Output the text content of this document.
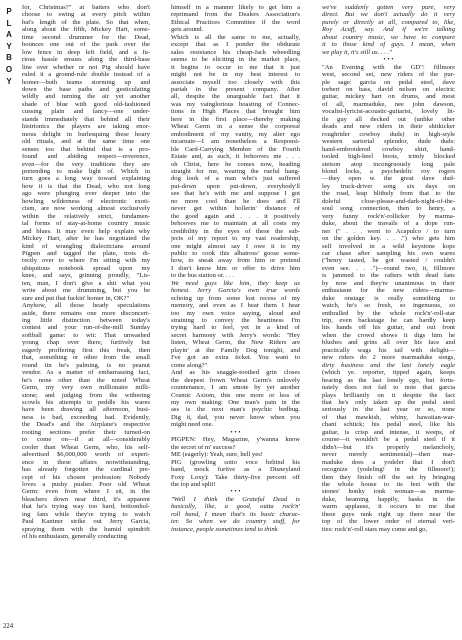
P
L
A
Y
B
O
Y
for, Christmas?" at batters who don't
choose to swing at every pitch within
bat's length of the plate. So that when,
along about the fifth, Mickey Hart, some-
time second drummer for the Dead,
bounces one out of the park over the
low fence in deep left field, and a fu-
rious hassle ensues along the third-base
line over whether or not Pig should have
ruled it a ground-rule double instead of a
homer—both teams storming up and
down the base paths and gesticulating
wildly and turning the air yet another
shade of blue with good old-fashioned
cussing plain and fancy—one under-
stands immediately that behind all their
histrionics the players are taking enor-
mous delight in burlesquing these hoary
old rituals, and at the same time one
senses too that behind that is a pro-
found and abiding respect—reverence,
even—for the very traditions they are
pretending to make light of. Which in
turn goes a long way toward explaining
how it is that the Dead, who not long
ago were plunging ever deeper into the
howling wilderness of electronic exoti-
cism, are now working almost exclusively
within the relatively strict, fundamen-
tal forms of stay-at-home country music
and blues. It may even help explain why
Mickey Hart, after he has negotiated the
kind of wrangling dialecticians around
Pigpen and tagged the plate, trots di-
rectly over to where I'm sitting with my
ubiquitous notebook spread upon my
knee, and says, grinning proudly, "Lis-
ten, man, I don't give a shit what you
write about me drumming, but you be
sure and put that fuckin' homer in, OK?"
Anyhow, all those heady speculations
aside, there remains one more disconcert-
ing little distinction between today's
contest and your run-of-the-mill Sunday
softball game: to wit: That unwashed
young chap over there, furtively but
eagerly proffering first this freak, then
that, something or other from the small
round tin he's palming, is no peanut
vendor. As a matter of embarrassing fact,
he's none other than the noted Wheat
Germ, my very own millionaire milli-
stone; and judging from the withering
scowls his attempts to peddle his wares
have been drawing all afternoon, busi-
ness is bad, exceeding bad. Evidently,
the Dead's and the Airplane's respective
rooting sections prefer their turned-on
to come on—if at all—considerably
cooler than Wheat Germ, who, his self-
advertised $6,000,000 worth of experi-
ence in these affairs notwithstanding,
has already forgotten the cardinal pre-
cept of his chosen profession: Nobody
loves a pushy pusher. Poor old Wheat
Germ: even from where I sit, in the
bleachers down near third, it's apparent
that he's trying way too hard, bottomhol-
ing fans while they're trying to watch
Paul Kantner strike out Jerry Garcia,
spraying them with the humid spindrift
of his enthusiasm, generally conducting
himself in a manner likely to get him a
reprimand from the Dealers Association's
Ethical Practices Committee if the word
gets around.
Which is all the same to me, actually,
except that as I ponder the obdurate
sales resistance his cheap-Jack wheedling
seems to be eliciting in the market place,
it begins to occur to me that it just
might not be in my best interest to
associate myself too closely with this
pariah in the present company. After
all, despite the unarguable fact that it
was my vainglorious boasting of Connec-
tions in High Places that brought him
here in the first place—thereby making
Wheat Germ in a sense the corporeal
embodiment of my vanity, my alter ego
incarnate—I am nonetheless a Responsi-
ble Card-Carrying Member of the Fourth
Estate and, as such, it behooves me . . .
oh Christ, here he comes now, heading
straight for me, wearing the rueful hang-
dog look of a man who's just suffered
put-down upon put-down, everybody'll
see that he's with me and suppose I got
no more cool than he does and I'll
never get within hollerin' distance of
the good again and . . . it positively
behooves me to maintain at all costs my
credibility in the eyes of these the sub-
jects of my report to my vast readership,
one might almost say I owe it to my
public to cook this albatross' goose some-
how, to sneak away from him or pretend
I don't know him or offer to drive him
to the bus station or. . . .
We need guys like him, they keep us
honest. Jerry Garcia's own true words
echoing up from some lost recess of my
memory, and even as I hear them I hear
too my own voice saying, aloud and
straining to convey the heartiness I'm
trying hard to feel, yet in a kind of
secret harmony with Jerry's words: "Hey
listen, Wheat Germ, the New Riders are
playin' at the Family Dog tonight, and
I've got an extra ticket. You want to
come along?"
And as his snaggle-toothed grin closes
the deepest frown Wheat Germ's unlovely
countenance, I am smote by yet another
Cosmic Axiom, this one more or less of
my own making: One man's pain in the
ass is the next man's psychic bedbug.
Dig it, dad, you never know when you
might need one.
• • •
PIGPEN: Hey, Magazine, y'wanna know
the secret of m' success?
ME (eagerly): Yeah, sure, hell yes!
PIG (growling sotto voce behind his
hand, mock furtive as a Disneyland
Foxy Loxy): Take thirty-five percent off
the top and split!
• • •
"Well I think the Grateful Dead is
basically, like, a good, outta rock'n'
roll band, I mean that's its basic charac-
ter. So when we do country stuff, for
instance, people sometimes tend to think
we've suddenly gotten very pure, very
direct. But we don't actually do it very
purely or directly at all, compared to, like,
Roy Acuff, say. And if we're talking
about country music, we have to compare
it to those kind of guys. I mean, when
we play it, it's still us. . . ."
• • •
"An Evening with the GD": fillmore
west, second set, new riders of the pur-
ple sage: garcia on pedal steel, dave
torbert on bass, david nelson on electric
guitar, mickey hart on drums, and most
of all, marmaduke, nee john dawson,
vocalist-lyricist-acoustic-guitarist, lovely lit-
tle guy all decked out (unlike other
deads and new riders in their shitkicker
roughrider cowboy duds) in high-style
western sartorial splendor, dude duds:
hand-embroidered cowboy shirt, hand-
tooled high-heel boots, trimly blocked
stetson atop incongruously long pale
blond locks, a psychedelic roy rogers
—they open w. the great dave dud-
ley truck-driver song six days on
the road, leap blithely from that to the
doleful close-please-and-dark-night-of-the-
soul song connection, then to henry, a
very funny rock'n'-rollicker by marma-
duke, about the travails of a dope run-
ner (" . . . went to Acapulco / to turn
on the golden key. . . .") who gets him
self involved in a wild keystone kops
car chase after sampling his own wares
("henry tasted, he got wasted / couldn't
even see. . . .")—round two, it, fillmore
is jammed to the rafters with dead fans
by now and they're unanimous in their
enthusiasm for the new riders—marma-
duke onstage is really something to
watch, he's so fresh, so ingenuous, so
enthralled by the whole rock'n'-roll-star
trip, even backstage he can hardly keep
his hands off his guitar, and out front
when the crowd shows it digs him he
blushes and grins all over his face and
practically wags his tail with delight—
new riders do 2 more marmaduke songs,
dirty business and the last lonely eagle
(which ye. reporter, tipped again, keeps
hearing as the last lonely ego, but fortu-
nately does not fail to note that garcia
plays brilliantly on it despite the fact
that he's only taken up the pedal steel
seriously in the last year or so, none
of that mawkish, whiny, hawaiian-war-
chant schtick; his pedal steel, like his
guitar, is crisp and intense, it weeps, of
course—it wouldn't be a pedal steel if it
didn't—but it's properly melancholy,
never merely sentimental)—then mar-
maduke does a yodeler that I don't
recognize (yodeling! in the fillmore!);
then they finish off the set by bringing
the whole house to its feet with the
stones' honky tonk woman—as marma-
duke, beaming happily, basks in the
warm applause, it occurs to me that
these guys rank right up there near the
top of the lower order of eternal veri-
ties: rock'n'-roll stars may come and go,
224
